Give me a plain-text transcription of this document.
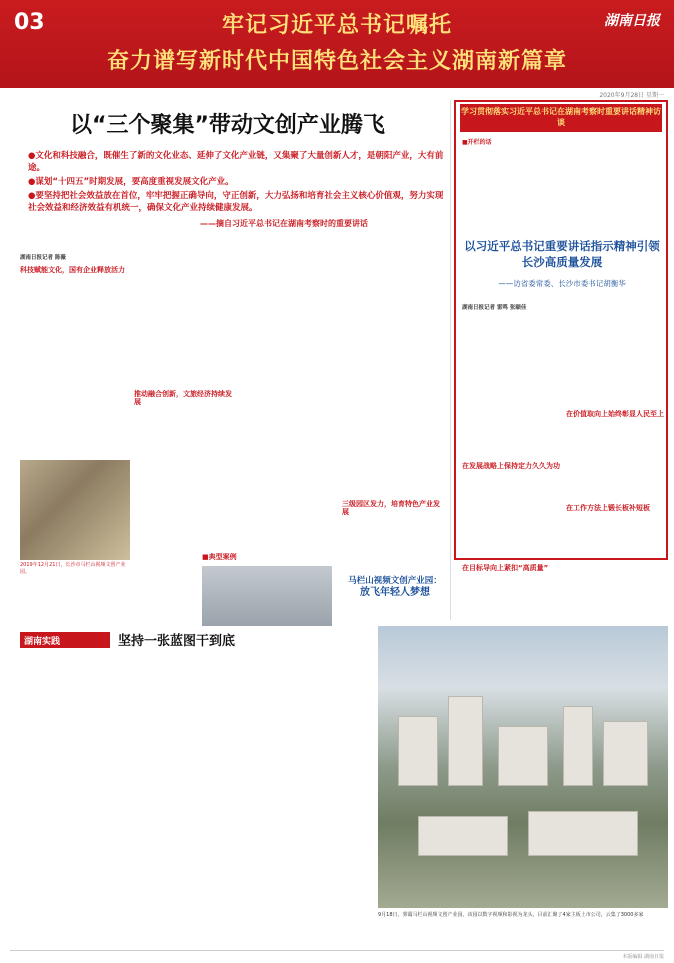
03	牢记习近平总书记嘱托
奋力谱写新时代中国特色社会主义湖南新篇章
湖南日报
2020年9月28日 星期一
以“三个聚集”带动文创产业腾飞

●文化和科技融合，既催生了新的文化业态、延伸了文化产业链，又集聚了大量创新人才，是朝阳产业，大有前途。

●谋划“十四五”时期发展，要高度重视发展文化产业。

●要坚持把社会效益放在首位，牢牢把握正确导向，守正创新，大力弘扬和培育社会主义核心价值观，努力实现社会效益和经济效益有机统一，确保文化产业持续健康发展。

——摘自习近平总书记在湖南考察时的重要讲话
湖南日报记者 陈薇
科技赋能文化，国有企业释放活力
推动融合创新，文旅经济持续发展
三级园区发力，培育特色产业发展
2019年12月21日，长沙市马栏山视频文创产业园。
学习贯彻落实习近平总书记在湖南考察时重要讲话精神访谈
■开栏的话
以习近平总书记重要讲话指示精神引领长沙高质量发展
——访省委常委、长沙市委书记胡衡华
湖南日报记者 雷鸣 张颐佳
在发展战略上保持定力久久为功
在价值取向上始终彰显人民至上
在目标导向上紧扣“高质量”
在工作方法上锻长板补短板
■典型案例
马栏山视频文创产业园：
放飞年轻人梦想
湖南实践	坚持一张蓝图干到底
9月18日，雾霭马栏山视频文创产业园，该园以数字视频和影视为龙头，目前汇聚了4家主板上市公司，云集了3000多家
本版编辑 湖南日报
